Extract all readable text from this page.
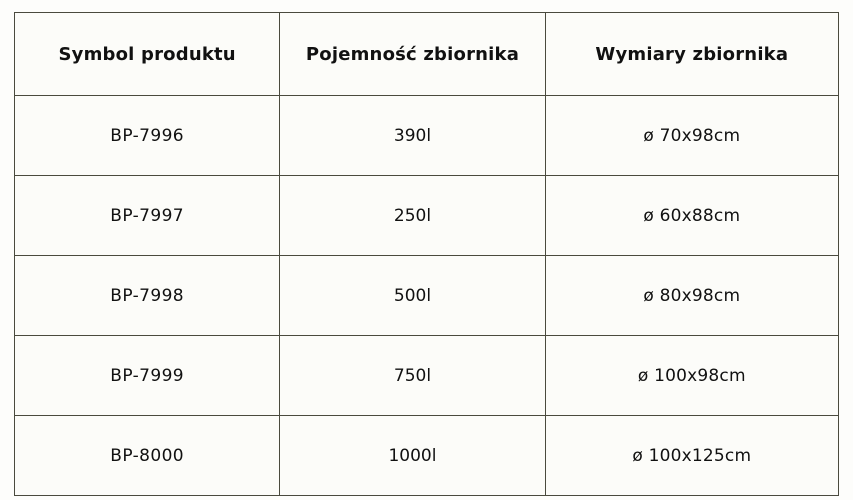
Symbol produktu	Pojemność zbiornika	Wymiary zbiornika
BP-7996	390l	ø 70x98cm
BP-7997	250l	ø 60x88cm
BP-7998	500l	ø 80x98cm
BP-7999	750l	ø 100x98cm
BP-8000	1000l	ø 100x125cm
